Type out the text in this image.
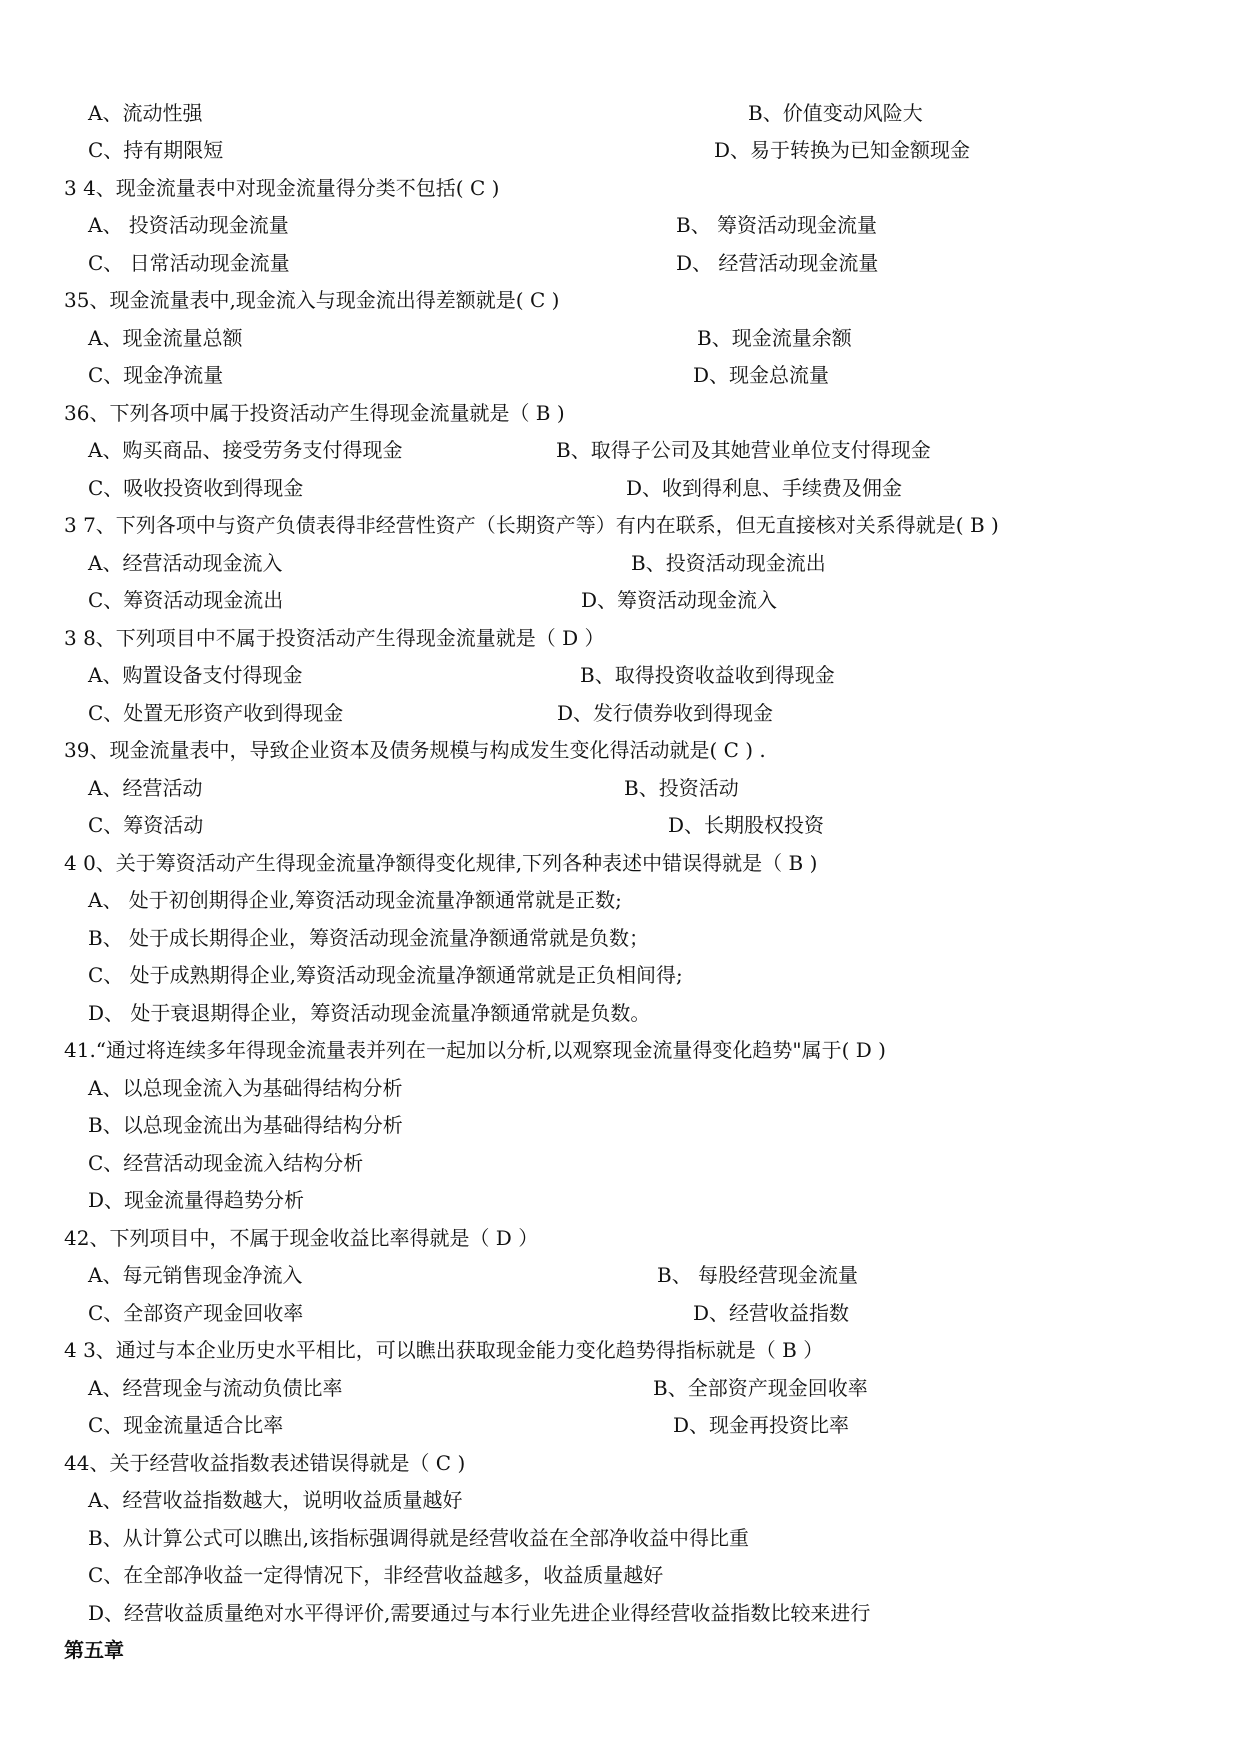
A、流动性强	B、价值变动风险大
C、持有期限短	D、易于转换为已知金额现金
3 4、现金流量表中对现金流量得分类不包括( C )
A、 投资活动现金流量	B、 筹资活动现金流量
C、 日常活动现金流量	D、 经营活动现金流量
35、现金流量表中,现金流入与现金流出得差额就是( C )
A、现金流量总额	B、现金流量余额
C、现金净流量	D、现金总流量
36、下列各项中属于投资活动产生得现金流量就是（ B )
A、购买商品、接受劳务支付得现金	B、取得子公司及其她营业单位支付得现金
C、吸收投资收到得现金	D、收到得利息、手续费及佣金
3 7、下列各项中与资产负债表得非经营性资产（长期资产等）有内在联系，但无直接核对关系得就是( B )
A、经营活动现金流入	B、投资活动现金流出
C、筹资活动现金流出	D、筹资活动现金流入
3 8、下列项目中不属于投资活动产生得现金流量就是（ D ）
A、购置设备支付得现金	B、取得投资收益收到得现金
C、处置无形资产收到得现金	D、发行债券收到得现金
39、现金流量表中，导致企业资本及债务规模与构成发生变化得活动就是( C ) .
A、经营活动	B、投资活动
C、筹资活动	D、长期股权投资
4 0、关于筹资活动产生得现金流量净额得变化规律,下列各种表述中错误得就是（ B )
A、 处于初创期得企业,筹资活动现金流量净额通常就是正数;
B、 处于成长期得企业，筹资活动现金流量净额通常就是负数；
C、 处于成熟期得企业,筹资活动现金流量净额通常就是正负相间得;
D、 处于衰退期得企业，筹资活动现金流量净额通常就是负数。
41.“通过将连续多年得现金流量表并列在一起加以分析,以观察现金流量得变化趋势"属于( D )
A、以总现金流入为基础得结构分析
B、以总现金流出为基础得结构分析
C、经营活动现金流入结构分析
D、现金流量得趋势分析
42、下列项目中，不属于现金收益比率得就是（ D ）
A、每元销售现金净流入	B、 每股经营现金流量
C、全部资产现金回收率	D、经营收益指数
4 3、通过与本企业历史水平相比，可以瞧出获取现金能力变化趋势得指标就是（ B ）
A、经营现金与流动负债比率	B、全部资产现金回收率
C、现金流量适合比率	D、现金再投资比率
44、关于经营收益指数表述错误得就是（ C )
A、经营收益指数越大，说明收益质量越好
B、从计算公式可以瞧出,该指标强调得就是经营收益在全部净收益中得比重
C、在全部净收益一定得情况下，非经营收益越多，收益质量越好
D、经营收益质量绝对水平得评价,需要通过与本行业先进企业得经营收益指数比较来进行
第五章
